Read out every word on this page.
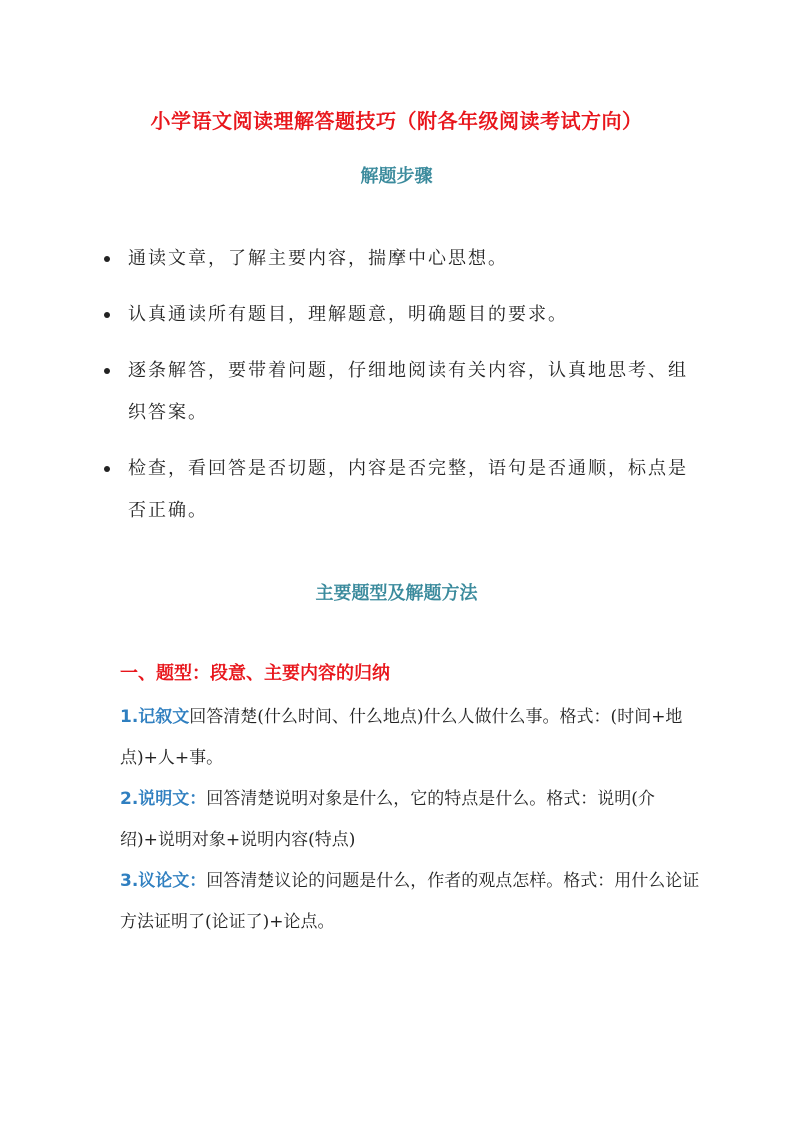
小学语文阅读理解答题技巧（附各年级阅读考试方向）
解题步骤
通读文章，了解主要内容，揣摩中心思想。
认真通读所有题目，理解题意，明确题目的要求。
逐条解答，要带着问题，仔细地阅读有关内容，认真地思考、组织答案。
检查，看回答是否切题，内容是否完整，语句是否通顺，标点是否正确。
主要题型及解题方法
一、题型：段意、主要内容的归纳
1.记叙文回答清楚(什么时间、什么地点)什么人做什么事。格式：(时间+地点)+人+事。
2.说明文：回答清楚说明对象是什么，它的特点是什么。格式：说明(介绍)+说明对象+说明内容(特点)
3.议论文：回答清楚议论的问题是什么，作者的观点怎样。格式：用什么论证方法证明了(论证了)+论点。
